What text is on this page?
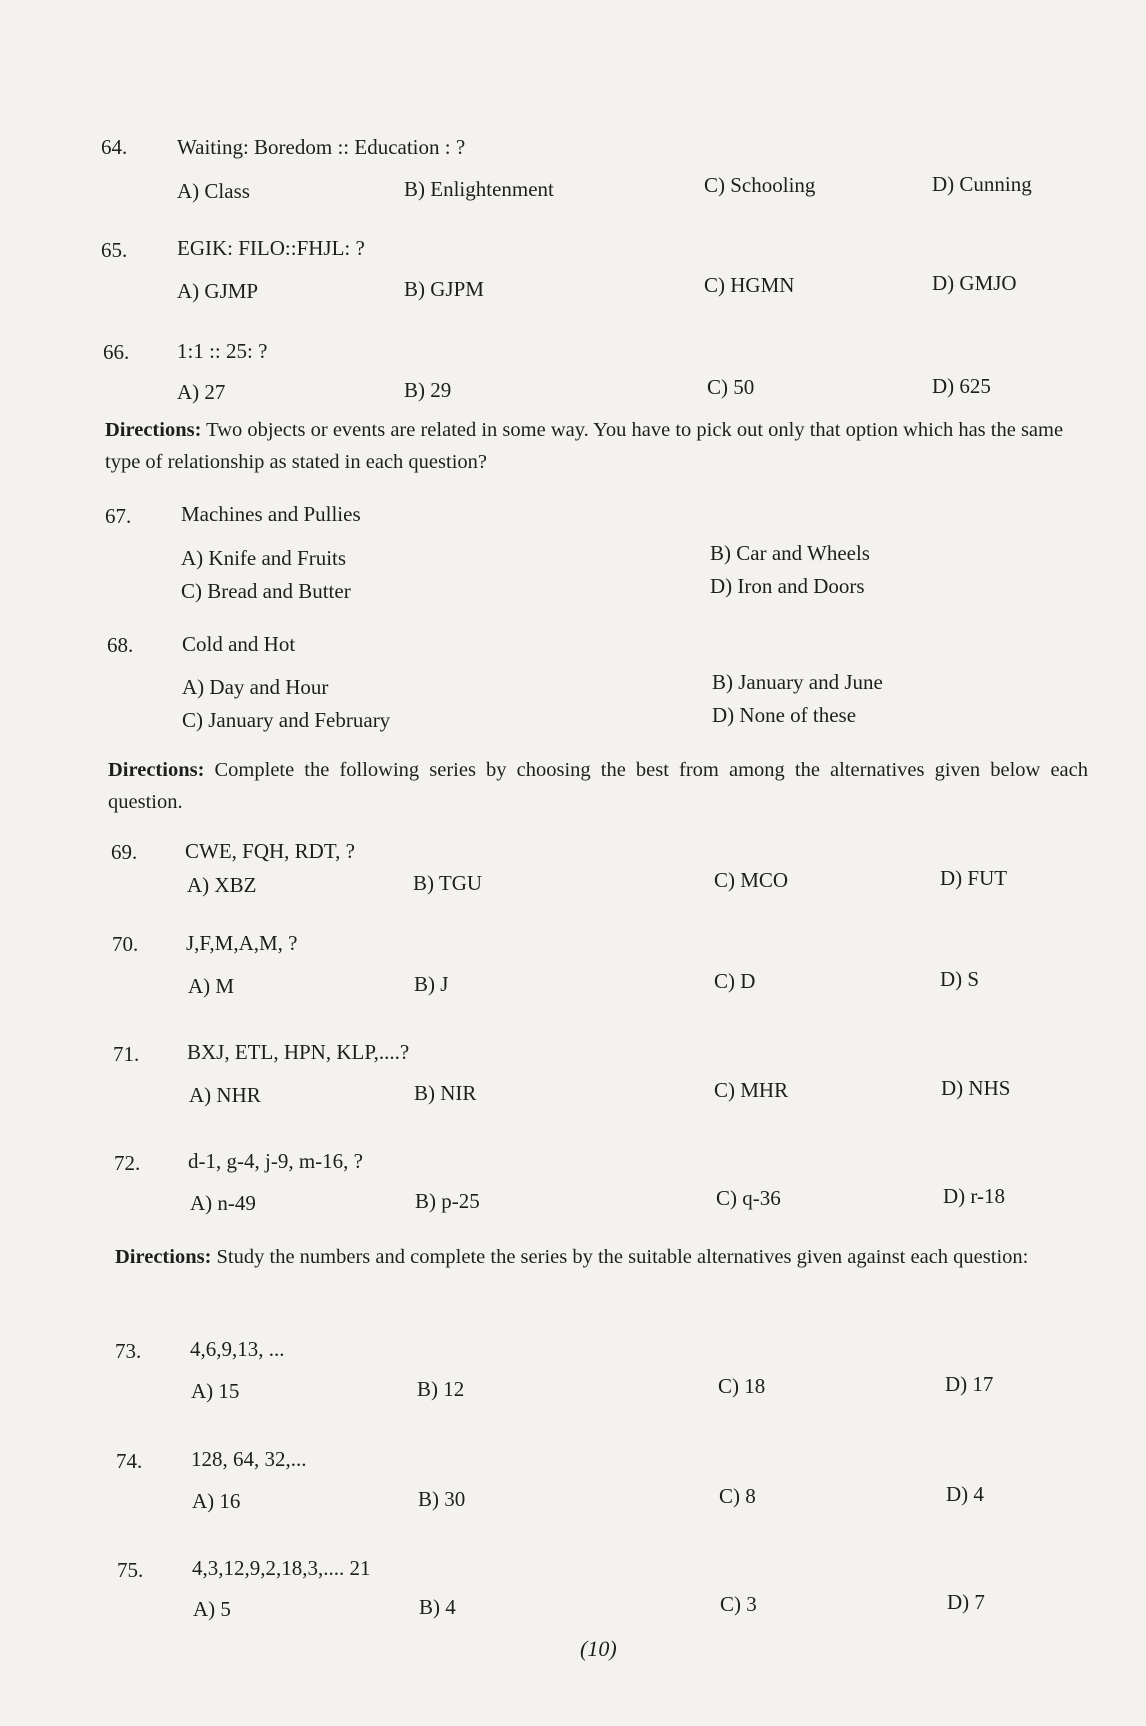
64. Waiting: Boredom :: Education : ?
A) Class	B) Enlightenment	C) Schooling	D) Cunning
65. EGIK: FILO::FHJL: ?
A) GJMP	B) GJPM	C) HGMN	D) GMJO
66. 1:1 :: 25: ?
A) 27	B) 29	C) 50	D) 625
Directions: Two objects or events are related in some way. You have to pick out only that option which has the same type of relationship as stated in each question?
67. Machines and Pullies
A) Knife and Fruits	B) Car and Wheels
C) Bread and Butter	D) Iron and Doors
68. Cold and Hot
A) Day and Hour	B) January and June
C) January and February	D) None of these
Directions: Complete the following series by choosing the best from among the alternatives given below each question.
69. CWE, FQH, RDT, ?
A) XBZ	B) TGU	C) MCO	D) FUT
70. J,F,M,A,M, ?
A) M	B) J	C) D	D) S
71. BXJ, ETL, HPN, KLP,....?
A) NHR	B) NIR	C) MHR	D) NHS
72. d-1, g-4, j-9, m-16, ?
A) n-49	B) p-25	C) q-36	D) r-18
Directions: Study the numbers and complete the series by the suitable alternatives given against each question:
73. 4,6,9,13, ...
A) 15	B) 12	C) 18	D) 17
74. 128, 64, 32,...
A) 16	B) 30	C) 8	D) 4
75. 4,3,12,9,2,18,3,.... 21
A) 5	B) 4	C) 3	D) 7
(10)
